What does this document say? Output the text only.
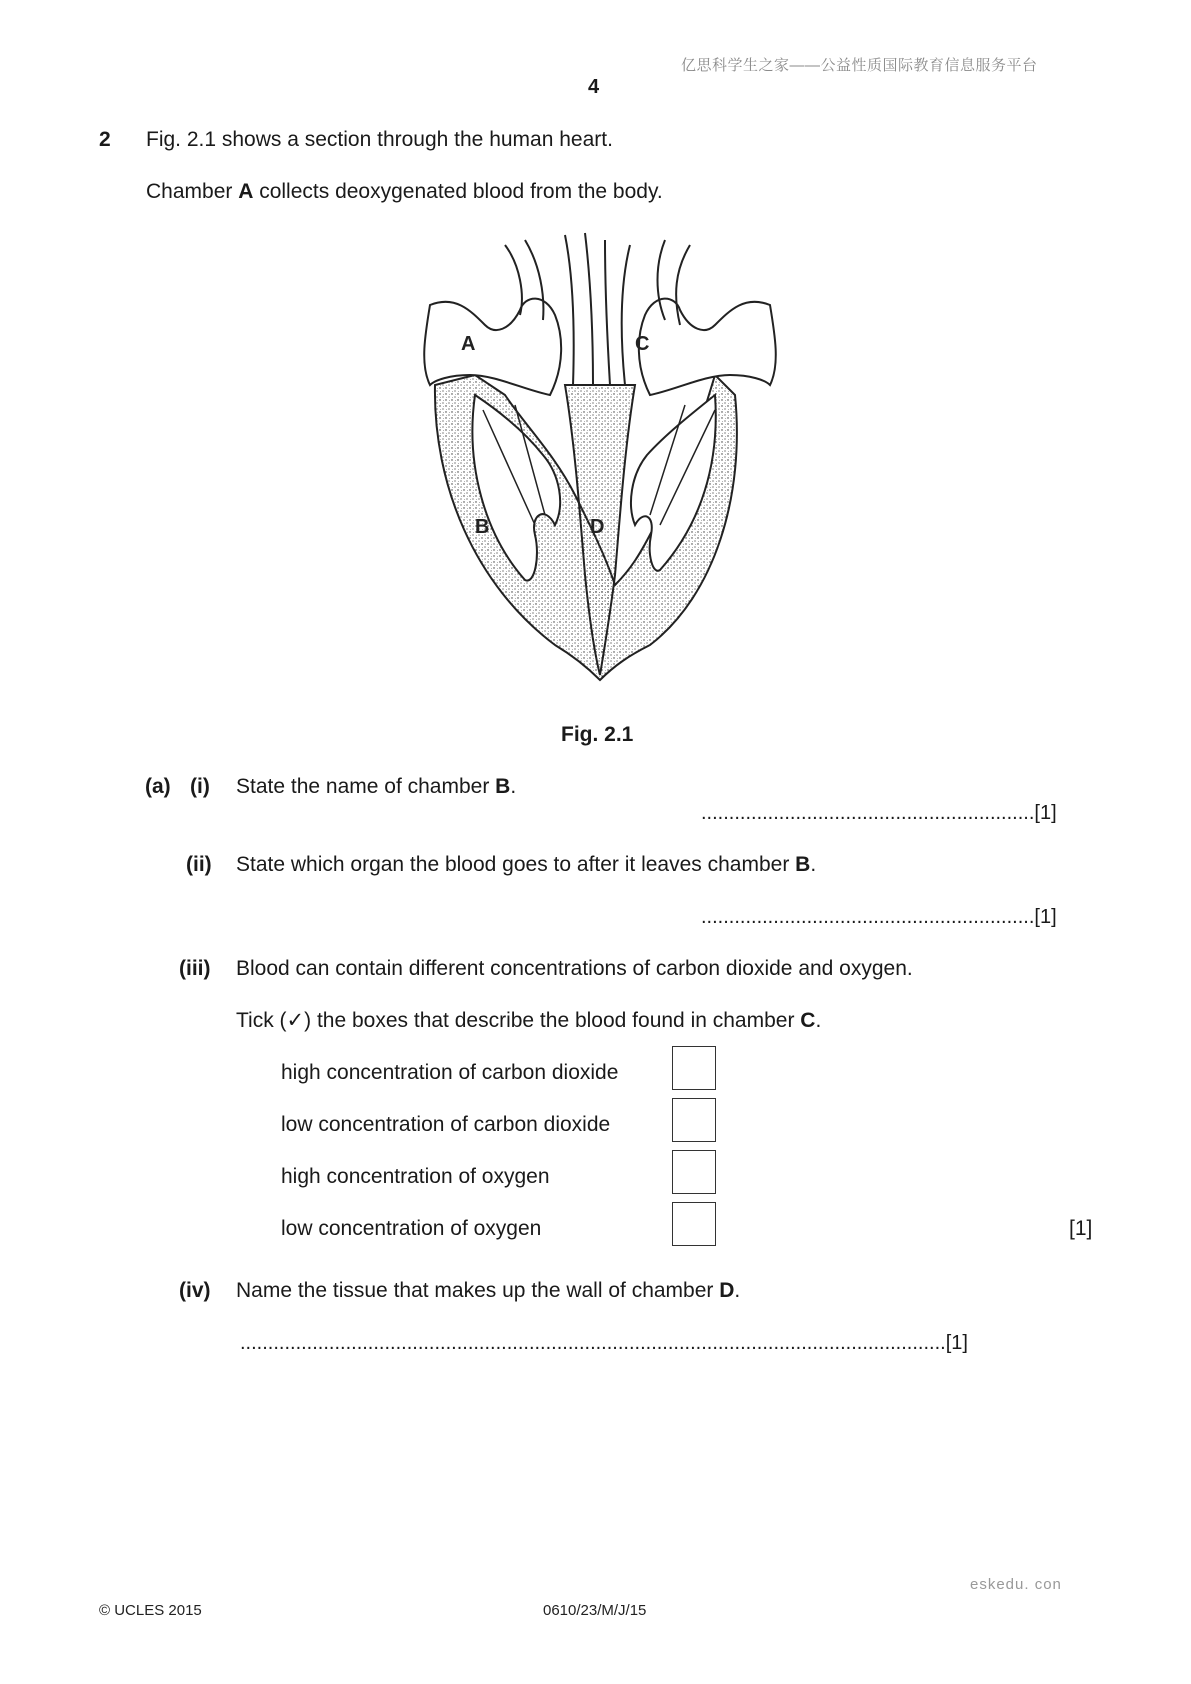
亿思科学生之家——公益性质国际教育信息服务平台
4
2 Fig. 2.1 shows a section through the human heart.
Chamber A collects deoxygenated blood from the body.
A	C
B	D
Fig. 2.1
(a) (i) State the name of chamber B.
............................................................[1]
(ii) State which organ the blood goes to after it leaves chamber B.
............................................................[1]
(iii) Blood can contain different concentrations of carbon dioxide and oxygen.
Tick (✓) the boxes that describe the blood found in chamber C.
high concentration of carbon dioxide
low concentration of carbon dioxide
high concentration of oxygen
low concentration of oxygen	[1]
(iv) Name the tissue that makes up the wall of chamber D.
...............................................................................................................................[1]
eskedu. con
© UCLES 2015	0610/23/M/J/15
